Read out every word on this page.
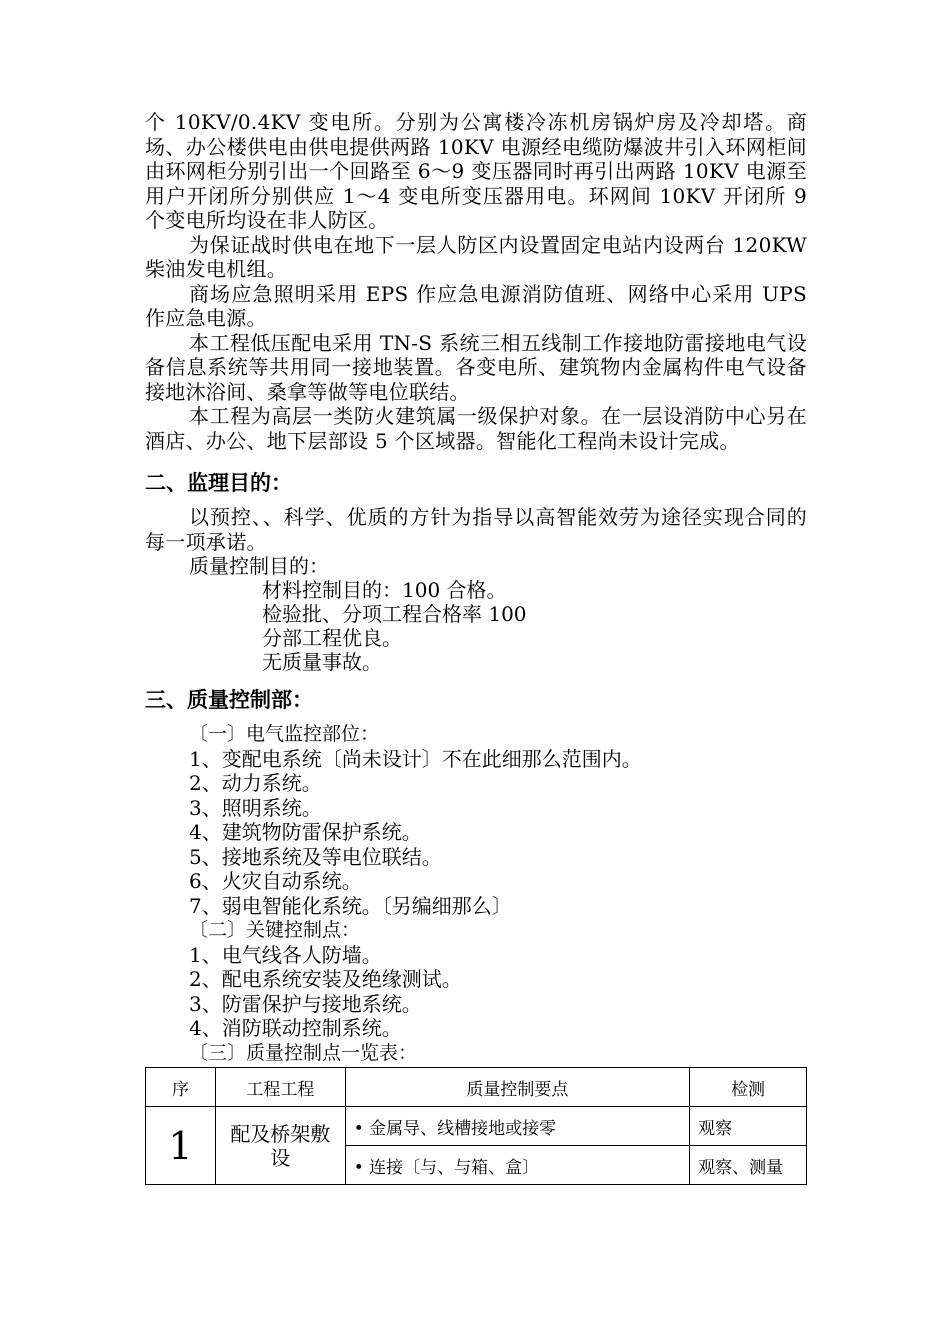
个 10KV/0.4KV 变电所。分别为公寓楼冷冻机房锅炉房及冷却塔。商场、办公楼供电由供电提供两路 10KV 电源经电缆防爆波井引入环网柜间由环网柜分别引出一个回路至 6～9 变压器同时再引出两路 10KV 电源至用户开闭所分别供应 1～4 变电所变压器用电。环网间 10KV 开闭所 9 个变电所均设在非人防区。

为保证战时供电在地下一层人防区内设置固定电站内设两台 120KW 柴油发电机组。

商场应急照明采用 EPS 作应急电源消防值班、网络中心采用 UPS 作应急电源。

本工程低压配电采用 TN-S 系统三相五线制工作接地防雷接地电气设备信息系统等共用同一接地装置。各变电所、建筑物内金属构件电气设备接地沐浴间、桑拿等做等电位联结。

本工程为高层一类防火建筑属一级保护对象。在一层设消防中心另在酒店、办公、地下层部设 5 个区域器。智能化工程尚未设计完成。

二、监理目的：

以预控、、科学、优质的方针为指导以高智能效劳为途径实现合同的每一项承诺。

质量控制目的：

材料控制目的：100 合格。

检验批、分项工程合格率 100

分部工程优良。

无质量事故。

三、质量控制部：

〔一〕电气监控部位：

1、变配电系统〔尚未设计〕不在此细那么范围内。

2、动力系统。

3、照明系统。

4、建筑物防雷保护系统。

5、接地系统及等电位联结。

6、火灾自动系统。

7、弱电智能化系统。〔另编细那么〕

〔二〕关键控制点：

1、电气线各人防墙。

2、配电系统安装及绝缘测试。

3、防雷保护与接地系统。

4、消防联动控制系统。

〔三〕质量控制点一览表：

序	工程工程	质量控制要点	检测
1	配及桥架敷设	• 金属导、线槽接地或接零	观察
		• 连接〔与、与箱、盒〕	观察、测量
